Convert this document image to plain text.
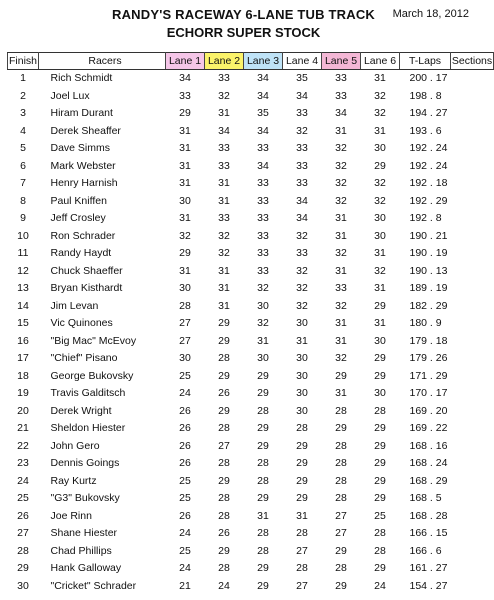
RANDY'S RACEWAY 6-LANE TUB TRACK	March 18, 2012
ECHORR SUPER STOCK
Finish	Racers	Lane 1	Lane 2	Lane 3	Lane 4	Lane 5	Lane 6	T-Laps	Sections
1	Rich Schmidt	34	33	34	35	33	31	200 . 17	
2	Joel Lux	33	32	34	34	33	32	198 . 8	
3	Hiram Durant	29	31	35	33	34	32	194 . 27	
4	Derek Sheaffer	31	34	34	32	31	31	193 . 6	
5	Dave Simms	31	33	33	33	32	30	192 . 24	
6	Mark Webster	31	33	34	33	32	29	192 . 24	
7	Henry Harnish	31	31	33	33	32	32	192 . 18	
8	Paul Kniffen	30	31	33	34	32	32	192 . 29	
9	Jeff Crosley	31	33	33	34	31	30	192 . 8	
10	Ron Schrader	32	32	33	32	31	30	190 . 21	
11	Randy Haydt	29	32	33	33	32	31	190 . 19	
12	Chuck Shaeffer	31	31	33	32	31	32	190 . 13	
13	Bryan Kisthardt	30	31	32	32	33	31	189 . 19	
14	Jim Levan	28	31	30	32	32	29	182 . 29	
15	Vic Quinones	27	29	32	30	31	31	180 . 9	
16	"Big Mac" McEvoy	27	29	31	31	31	30	179 . 18	
17	"Chief" Pisano	30	28	30	30	32	29	179 . 26	
18	George Bukovsky	25	29	29	30	29	29	171 . 29	
19	Travis Galditsch	24	26	29	30	31	30	170 . 17	
20	Derek Wright	26	29	28	30	28	28	169 . 20	
21	Sheldon Hiester	26	28	29	28	29	29	169 . 22	
22	John Gero	26	27	29	29	28	29	168 . 16	
23	Dennis Goings	26	28	28	29	28	29	168 . 24	
24	Ray Kurtz	25	29	28	29	28	29	168 . 29	
25	"G3" Bukovsky	25	28	29	29	28	29	168 . 5	
26	Joe Rinn	26	28	31	31	27	25	168 . 28	
27	Shane Hiester	24	26	28	28	27	28	166 . 15	
28	Chad Phillips	25	29	28	27	29	28	166 . 6	
29	Hank Galloway	24	28	29	28	28	29	161 . 27	
30	"Cricket" Schrader	21	24	29	27	29	24	154 . 27	
